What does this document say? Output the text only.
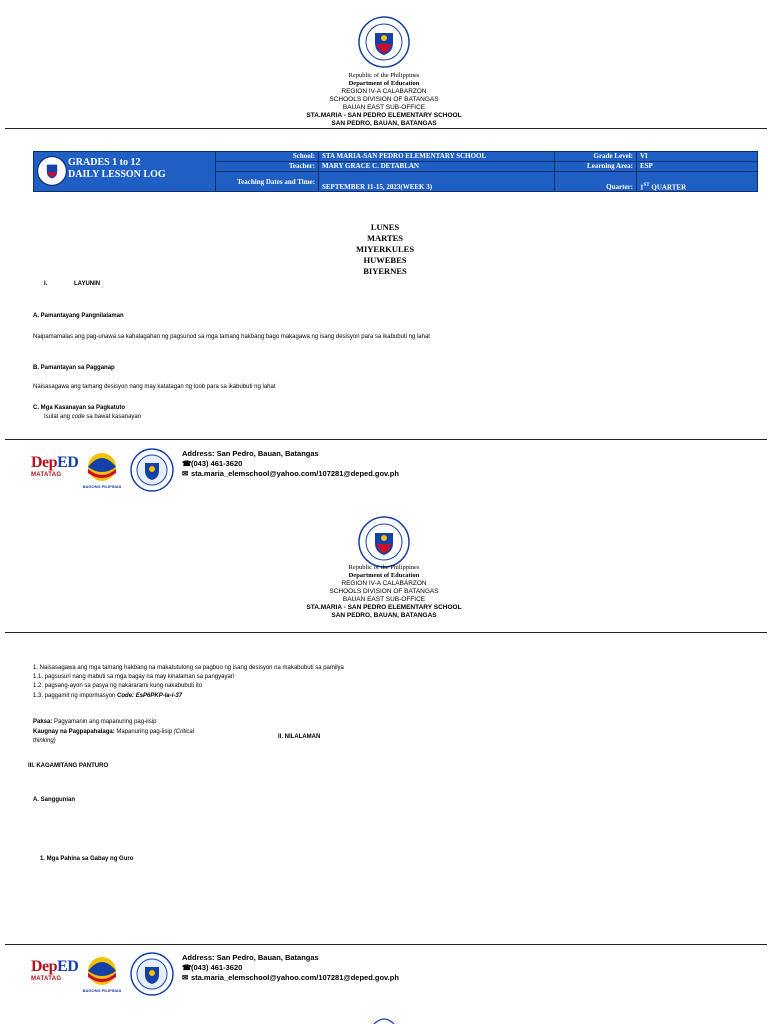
Republic of the Philippines
Department of Education
REGION IV-A CALABARZON
SCHOOLS DIVISION OF BATANGAS
BAUAN EAST SUB-OFFICE
STA.MARIA - SAN PEDRO ELEMENTARY SCHOOL
SAN PEDRO, BAUAN, BATANGAS
GRADES 1 to 12
DAILY LESSON LOG
School:	STA MARIA-SAN PEDRO ELEMENTARY SCHOOL	Grade Level:	VI
Teacher:	MARY GRACE C. DETABLAN	Learning Area:	ESP
Teaching Dates and Time:	SEPTEMBER 11-15, 2023(WEEK 3)	Quarter:	1ST QUARTER
LUNES
MARTES
MIYERKULES
HUWEBES
BIYERNES
I.	LAYUNIN
A. Pamantayang Pangnilalaman
Naipamamalas ang pag-unawa sa kahalagahan ng pagsunod sa mga tamang hakbang bago makagawa ng isang desisyon para sa ikabubuti ng lahat
B. Pamantayan sa Pagganap
Naisasagawa ang tamang desisyon nang may katatagan ng loob para sa ikabubuti ng lahat
C. Mga Kasanayan sa Pagkatuto
Isulat ang code sa bawat kasanayan
DepED
MATATAG
BAGONG PILIPINAS
Address: San Pedro, Bauan, Batangas
☎(043) 461-3620
✉ sta.maria_elemschool@yahoo.com/107281@deped.gov.ph
Republic of the Philippines
Department of Education
REGION IV-A CALABARZON
SCHOOLS DIVISION OF BATANGAS
BAUAN EAST SUB-OFFICE
STA.MARIA - SAN PEDRO ELEMENTARY SCHOOL
SAN PEDRO, BAUAN, BATANGAS
1. Naisasagawa ang mga tamang hakbang na makatutulong sa pagbuo ng isang desisyon na makabubuti sa pamilya
1.1. pagsusuri nang mabuti sa mga bagay na may kinalaman sa pangyayari
1.2. pagsang-ayon sa pasya ng nakararami kung nakabubuti ito
1.3. paggamit ng impormasyon Code: EsP6PKP-Ia-i-37
Paksa: Pagyamanin ang mapanuring pag-iisip
Kaugnay na Pagpapahalaga: Mapanuring pag-iisip (Critical
thinking)
II. NILALAMAN
III. KAGAMITANG PANTURO
A. Sanggunian
1. Mga Pahina sa Gabay ng Guro
DepED
MATATAG
BAGONG PILIPINAS
Address: San Pedro, Bauan, Batangas
☎(043) 461-3620
✉ sta.maria_elemschool@yahoo.com/107281@deped.gov.ph
